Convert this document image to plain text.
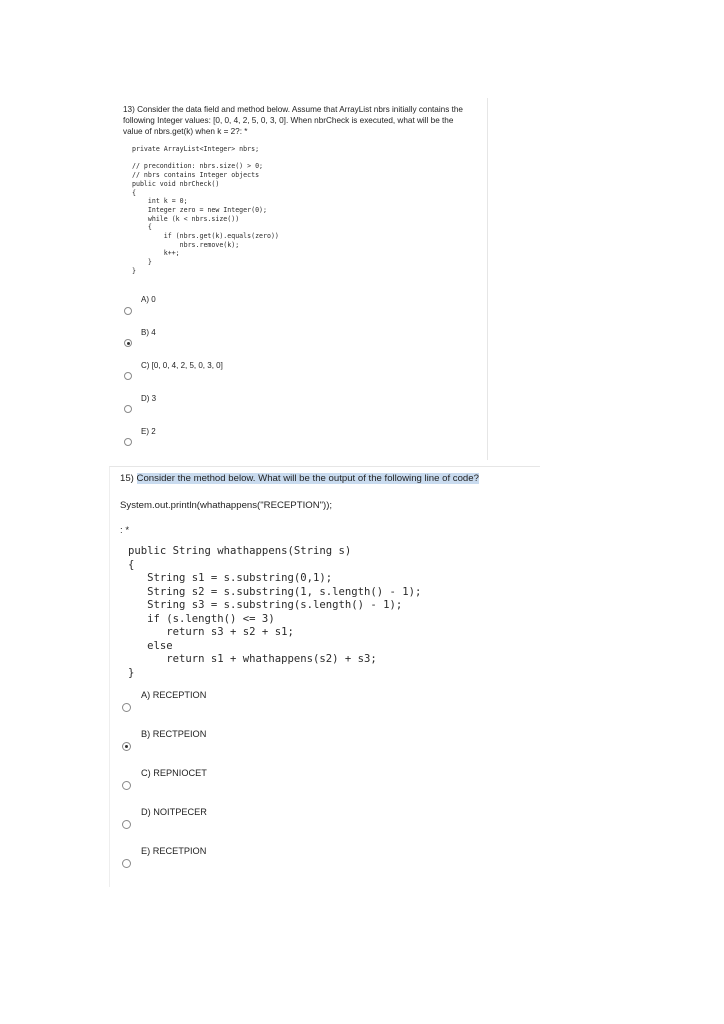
13) Consider the data field and method below. Assume that ArrayList nbrs initially contains the
following Integer values: [0, 0, 4, 2, 5, 0, 3, 0]. When nbrCheck is executed, what will be the
value of nbrs.get(k) when k = 2?: *
private ArrayList<Integer> nbrs;

// precondition: nbrs.size() > 0;
// nbrs contains Integer objects
public void nbrCheck()
{
int k = 0;
Integer zero = new Integer(0);
while (k < nbrs.size())
{
if (nbrs.get(k).equals(zero))
nbrs.remove(k);
k++;
}
}
A) 0
B) 4
C) [0, 0, 4, 2, 5, 0, 3, 0]
D) 3
E) 2
15) Consider the method below. What will be the output of the following line of code?
System.out.println(whathappens("RECEPTION"));
: *
public String whathappens(String s)
{
String s1 = s.substring(0,1);
String s2 = s.substring(1, s.length() - 1);
String s3 = s.substring(s.length() - 1);
if (s.length() <= 3)
return s3 + s2 + s1;
else
return s1 + whathappens(s2) + s3;
}
A) RECEPTION
B) RECTPEION
C) REPNIOCET
D) NOITPECER
E) RECETPION
